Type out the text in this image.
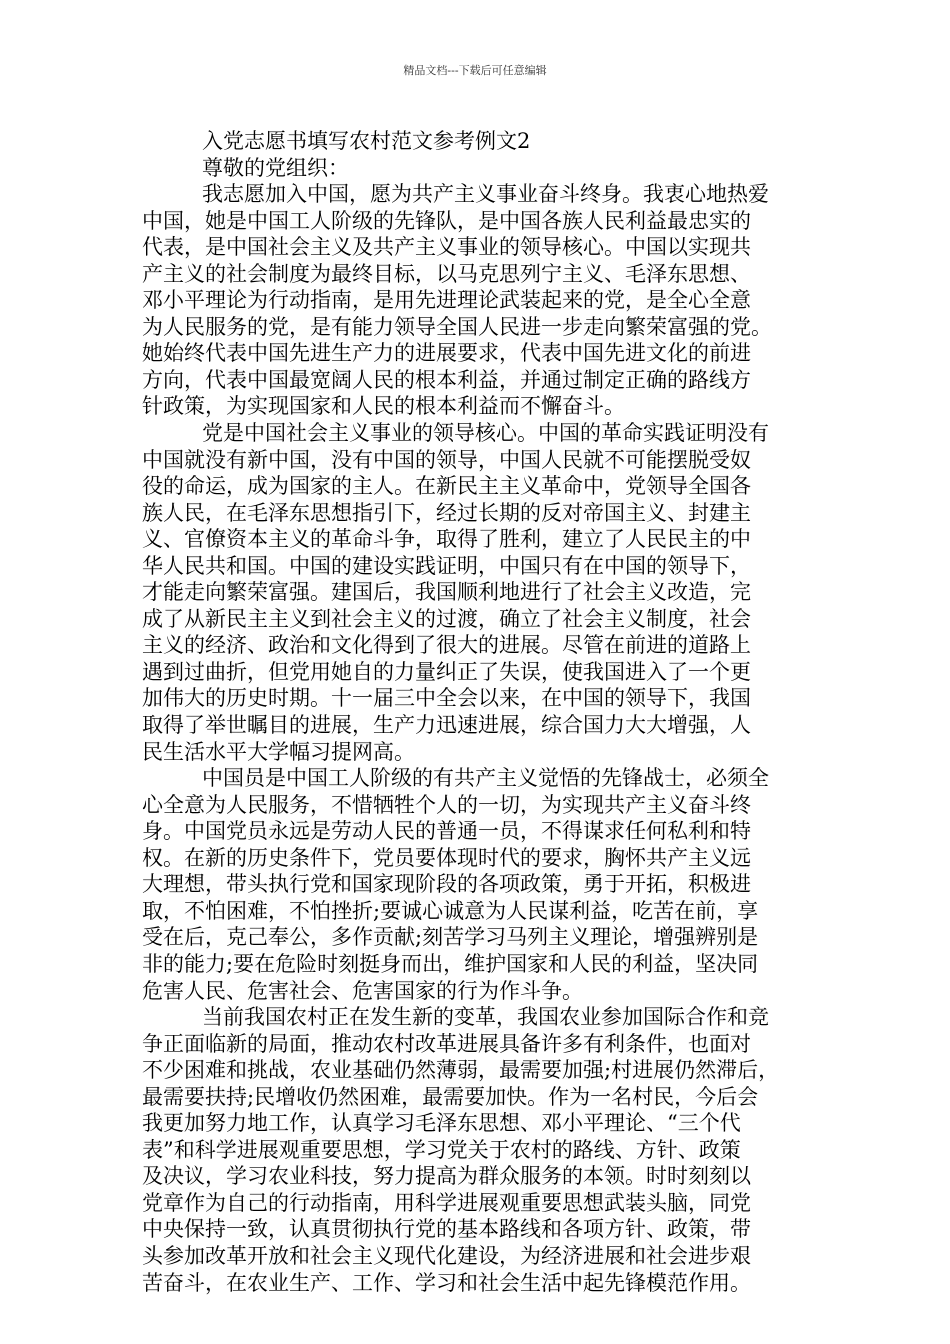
精品文档---下载后可任意编辑
入党志愿书填写农村范文参考例文2
尊敬的党组织：
我志愿加入中国，愿为共产主义事业奋斗终身。我衷心地热爱
中国，她是中国工人阶级的先锋队，是中国各族人民利益最忠实的
代表，是中国社会主义及共产主义事业的领导核心。中国以实现共
产主义的社会制度为最终目标，以马克思列宁主义、毛泽东思想、
邓小平理论为行动指南，是用先进理论武装起来的党，是全心全意
为人民服务的党，是有能力领导全国人民进一步走向繁荣富强的党。
她始终代表中国先进生产力的进展要求，代表中国先进文化的前进
方向，代表中国最宽阔人民的根本利益，并通过制定正确的路线方
针政策，为实现国家和人民的根本利益而不懈奋斗。
党是中国社会主义事业的领导核心。中国的革命实践证明没有
中国就没有新中国，没有中国的领导，中国人民就不可能摆脱受奴
役的命运，成为国家的主人。在新民主主义革命中，党领导全国各
族人民，在毛泽东思想指引下，经过长期的反对帝国主义、封建主
义、官僚资本主义的革命斗争，取得了胜利，建立了人民民主的中
华人民共和国。中国的建设实践证明，中国只有在中国的领导下，
才能走向繁荣富强。建国后，我国顺利地进行了社会主义改造，完
成了从新民主主义到社会主义的过渡，确立了社会主义制度，社会
主义的经济、政治和文化得到了很大的进展。尽管在前进的道路上
遇到过曲折，但党用她自的力量纠正了失误，使我国进入了一个更
加伟大的历史时期。十一届三中全会以来，在中国的领导下，我国
取得了举世瞩目的进展，生产力迅速进展，综合国力大大增强，人
民生活水平大学幅习提网高。
中国员是中国工人阶级的有共产主义觉悟的先锋战士，必须全
心全意为人民服务，不惜牺牲个人的一切，为实现共产主义奋斗终
身。中国党员永远是劳动人民的普通一员，不得谋求任何私利和特
权。在新的历史条件下，党员要体现时代的要求，胸怀共产主义远
大理想，带头执行党和国家现阶段的各项政策，勇于开拓，积极进
取，不怕困难，不怕挫折;要诚心诚意为人民谋利益，吃苦在前，享
受在后，克己奉公，多作贡献;刻苦学习马列主义理论，增强辨别是
非的能力;要在危险时刻挺身而出，维护国家和人民的利益，坚决同
危害人民、危害社会、危害国家的行为作斗争。
当前我国农村正在发生新的变革，我国农业参加国际合作和竞
争正面临新的局面，推动农村改革进展具备许多有利条件，也面对
不少困难和挑战，农业基础仍然薄弱，最需要加强;村进展仍然滞后，
最需要扶持;民增收仍然困难，最需要加快。作为一名村民，今后会
我更加努力地工作，认真学习毛泽东思想、邓小平理论、“三个代
表”和科学进展观重要思想，学习党关于农村的路线、方针、政策
及决议，学习农业科技，努力提高为群众服务的本领。时时刻刻以
党章作为自己的行动指南，用科学进展观重要思想武装头脑，同党
中央保持一致，认真贯彻执行党的基本路线和各项方针、政策，带
头参加改革开放和社会主义现代化建设，为经济进展和社会进步艰
苦奋斗，在农业生产、工作、学习和社会生活中起先锋模范作用。
